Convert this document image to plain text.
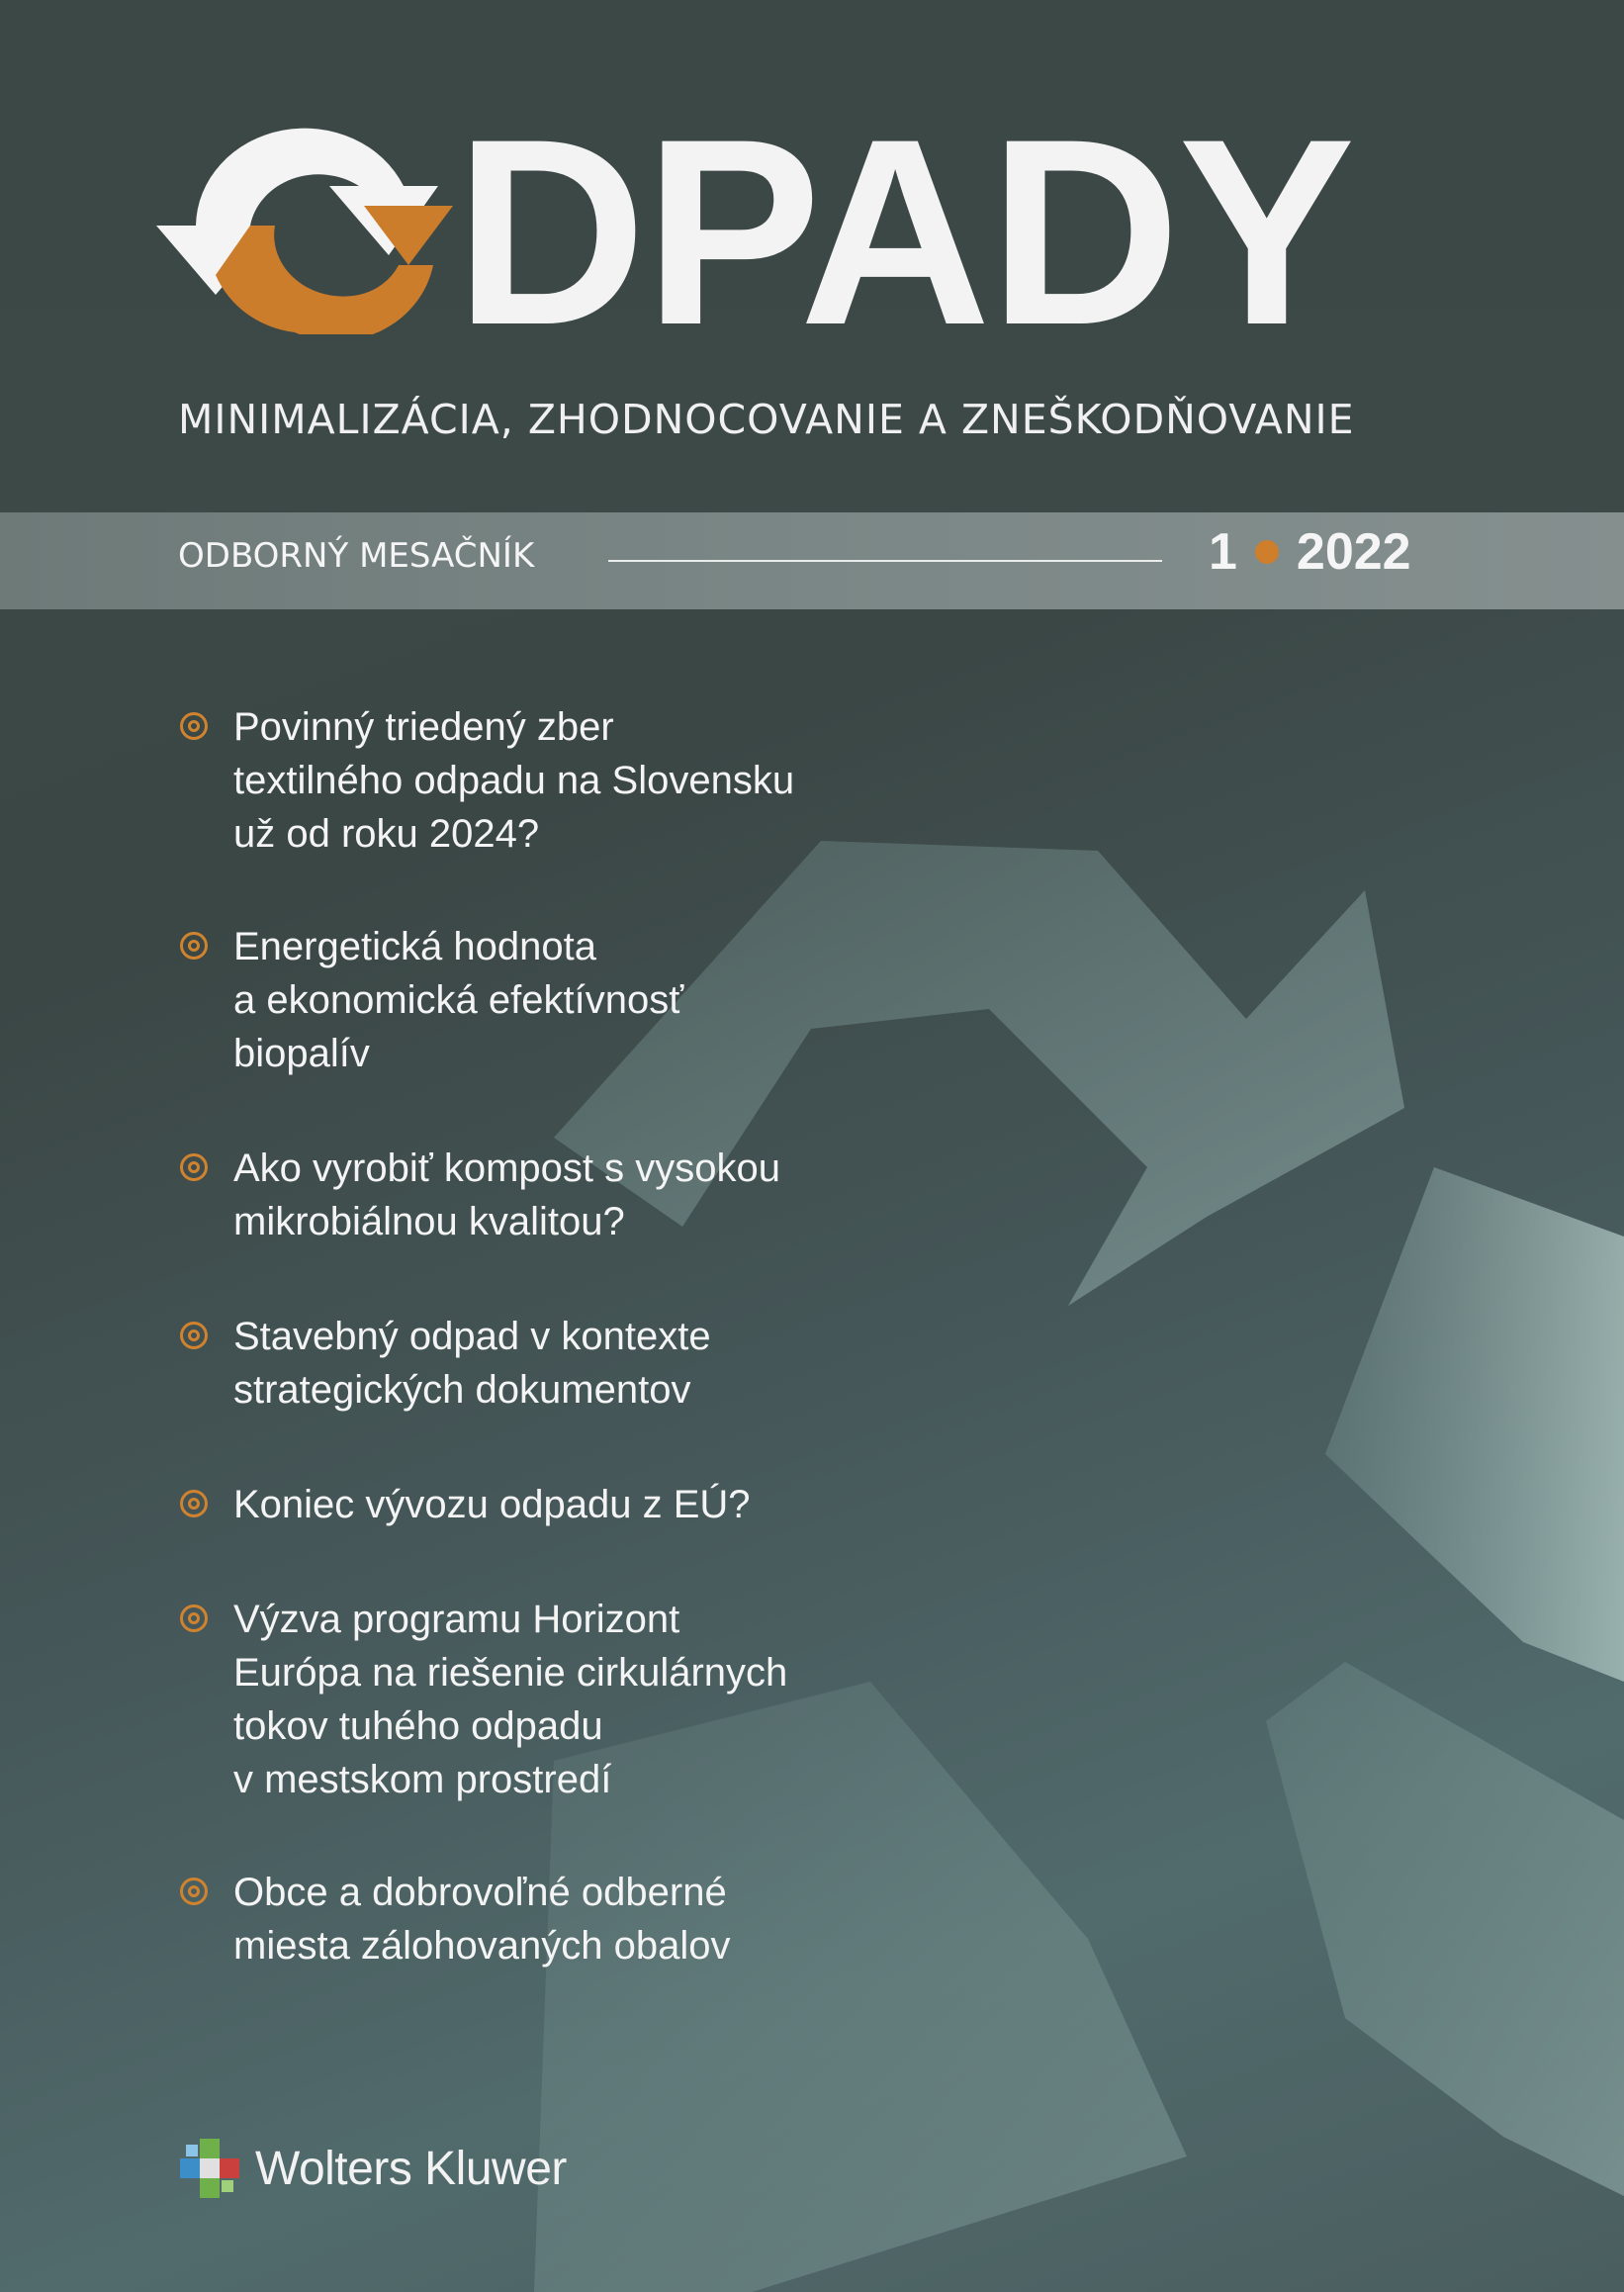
DPADY
MINIMALIZÁCIA, ZHODNOCOVANIE A ZNEŠKODŇOVANIE
ODBORNÝ MESAČNÍK	1 2022
Povinný triedený zber
textilného odpadu na Slovensku
už od roku 2024?
Energetická hodnota
a ekonomická efektívnosť
biopalív
Ako vyrobiť kompost s vysokou
mikrobiálnou kvalitou?
Stavebný odpad v kontexte
strategických dokumentov
Koniec vývozu odpadu z EÚ?
Výzva programu Horizont
Európa na riešenie cirkulárnych
tokov tuhého odpadu
v mestskom prostredí
Obce a dobrovoľné odberné
miesta zálohovaných obalov
Wolters Kluwer
